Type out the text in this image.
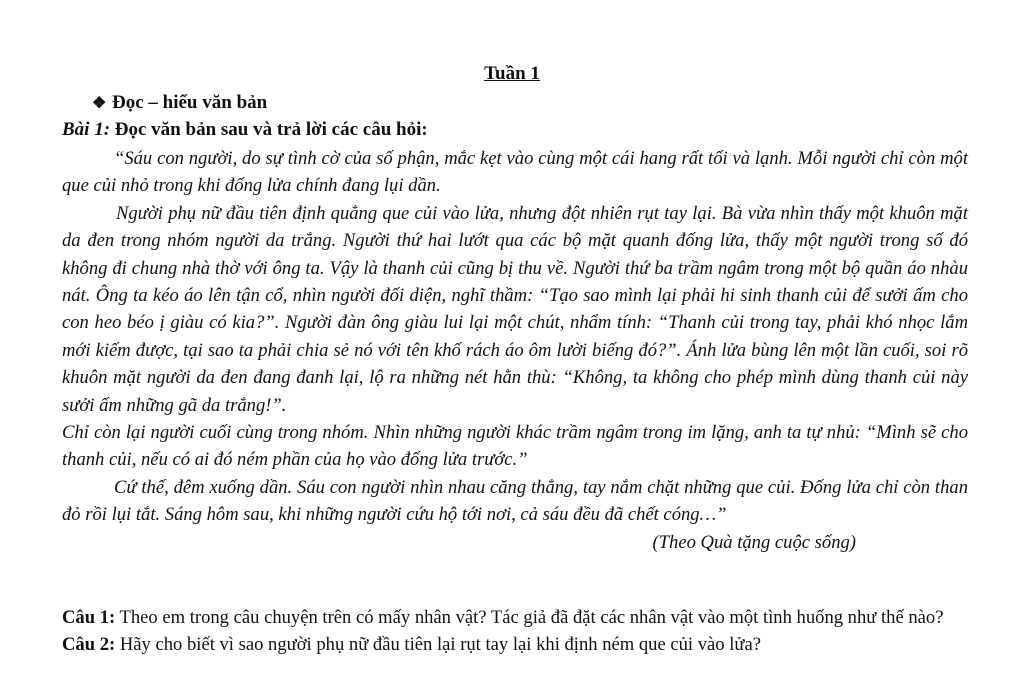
Tuần 1
❖ Đọc – hiểu văn bản
Bài 1: Đọc văn bản sau và trả lời các câu hỏi:

“Sáu con người, do sự tình cờ của số phận, mắc kẹt vào cùng một cái hang rất tối và lạnh. Mỗi người chỉ còn một que củi nhỏ trong khi đống lửa chính đang lụi dần.

Người phụ nữ đầu tiên định quẳng que củi vào lửa, nhưng đột nhiên rụt tay lại. Bà vừa nhìn thấy một khuôn mặt da đen trong nhóm người da trắng. Người thứ hai lướt qua các bộ mặt quanh đống lửa, thấy một người trong số đó không đi chung nhà thờ với ông ta. Vậy là thanh củi cũng bị thu về. Người thứ ba trầm ngâm trong một bộ quần áo nhàu nát. Ông ta kéo áo lên tận cổ, nhìn người đối diện, nghĩ thầm: “Tạo sao mình lại phải hi sinh thanh củi để sưởi ấm cho con heo béo ị giàu có kia?”. Người đàn ông giàu lui lại một chút, nhẩm tính: “Thanh củi trong tay, phải khó nhọc lắm mới kiếm được, tại sao ta phải chia sẻ nó với tên khố rách áo ôm lười biếng đó?”. Ánh lửa bùng lên một lần cuối, soi rõ khuôn mặt người da đen đang đanh lại, lộ ra những nét hằn thù: “Không, ta không cho phép mình dùng thanh củi này sưởi ấm những gã da trắng!”.

Chỉ còn lại người cuối cùng trong nhóm. Nhìn những người khác trầm ngâm trong im lặng, anh ta tự nhủ: “Mình sẽ cho thanh củi, nếu có ai đó ném phần của họ vào đống lửa trước.”

Cứ thế, đêm xuống dần. Sáu con người nhìn nhau căng thẳng, tay nắm chặt những que củi. Đống lửa chỉ còn than đỏ rồi lụi tắt. Sáng hôm sau, khi những người cứu hộ tới nơi, cả sáu đều đã chết cóng…”

(Theo Quà tặng cuộc sống)

Câu 1: Theo em trong câu chuyện trên có mấy nhân vật? Tác giả đã đặt các nhân vật vào một tình huống như thế nào?

Câu 2: Hãy cho biết vì sao người phụ nữ đầu tiên lại rụt tay lại khi định ném que củi vào lửa?
